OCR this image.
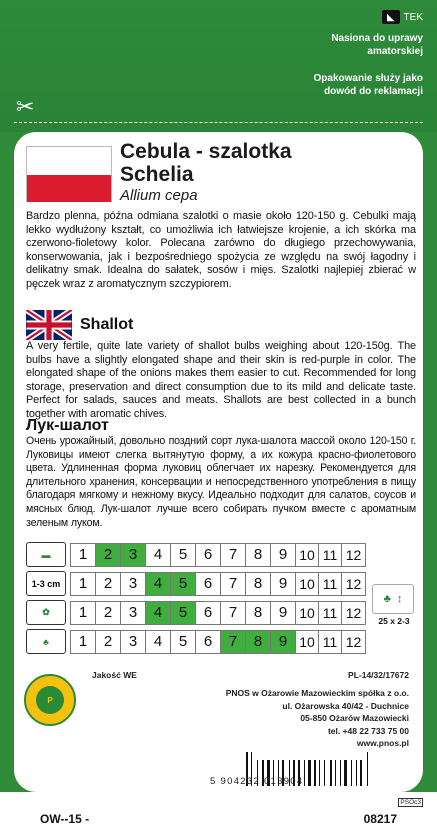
◣ TEK
Nasiona do uprawy amatorskiej
Opakowanie służy jako dowód do reklamacji
✂
Cebula - szalotka
Schelia
Allium cepa
Bardzo plenna, późna odmiana szalotki o masie około 120-150 g. Cebulki mają lekko wydłużony kształt, co umożliwia ich łatwiejsze krojenie, a ich skórka ma czerwono-fioletowy kolor. Polecana zarówno do długiego przechowywania, konserwowania, jak i bezpośredniego spożycia ze względu na swój łagodny i delikatny smak. Idealna do sałatek, sosów i mięs. Szalotki najlepiej zbierać w pęczek wraz z aromatycznym szczypiorem.
Shallot
A very fertile, quite late variety of shallot bulbs weighing about 120-150g. The bulbs have a slightly elongated shape and their skin is red-purple in color. The elongated shape of the onions makes them easier to cut. Recommended for long storage, preservation and direct consumption due to its mild and delicate taste. Perfect for salads, sauces and meats. Shallots are best collected in a bunch together with aromatic chives.
Лук-шалот
Очень урожайный, довольно поздний сорт лука-шалота массой около 120-150 г. Луковицы имеют слегка вытянутую форму, а их кожура красно-фиолетового цвета. Удлиненная форма луковиц облегчает их нарезку. Рекомендуется для длительного хранения, консервации и непосредственного употребления в пищу благодаря мягкому и нежному вкусу. Идеально подходит для салатов, соусов и мясных блюд. Лук-шалот лучше всего собирать пучком вместе с ароматным зеленым луком.
▬	1	2	3	4	5	6	7	8	9 10 11 12
1-3 cm	1	2	3	4	5	6	7	8	9 10 11 12
✿	1	2	3	4	5	6	7	8	9 10 11 12
♣	1	2	3	4	5	6	7	8	9 10 11 12
♣ ↕
25 x 2-3
P
Jakość WE	PL-14/32/17672
PNOS w Ożarowie Mazowieckim spółka z o.o.
ul. Ożarowska 40/42 - Duchnice
05-850 Ożarów Mazowiecki
tel. +48 22 733 75 00
www.pnos.pl
5 904232 013904
PSOc3
OW--15 -	08217
